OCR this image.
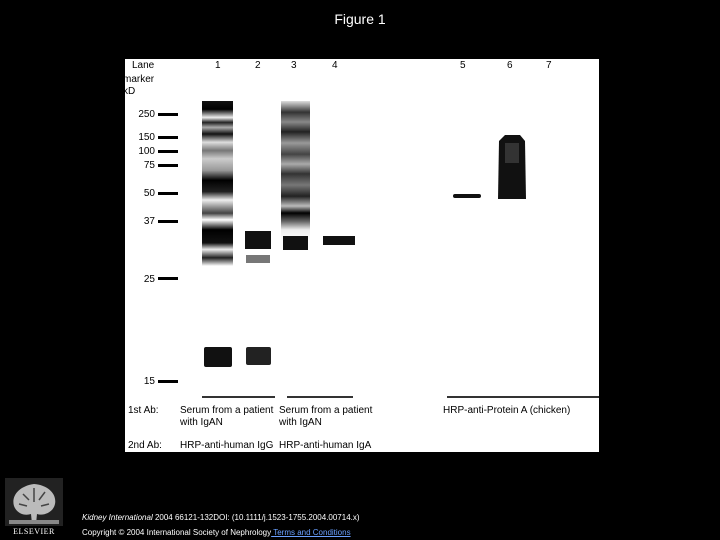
Figure 1
Lane
marker
kD
1	2	3	4	5	6	7
250
150
100
75
50
37
25
15
1st Ab: Serum from a patient
with IgAN
Serum from a patient
with IgAN
HRP-anti-Protein A (chicken)
2nd Ab: HRP-anti-human IgG HRP-anti-human IgA
ELSEVIER
Kidney International 2004 66121-132DOI: (10.1111/j.1523-1755.2004.00714.x)
Copyright © 2004 International Society of Nephrology Terms and Conditions
